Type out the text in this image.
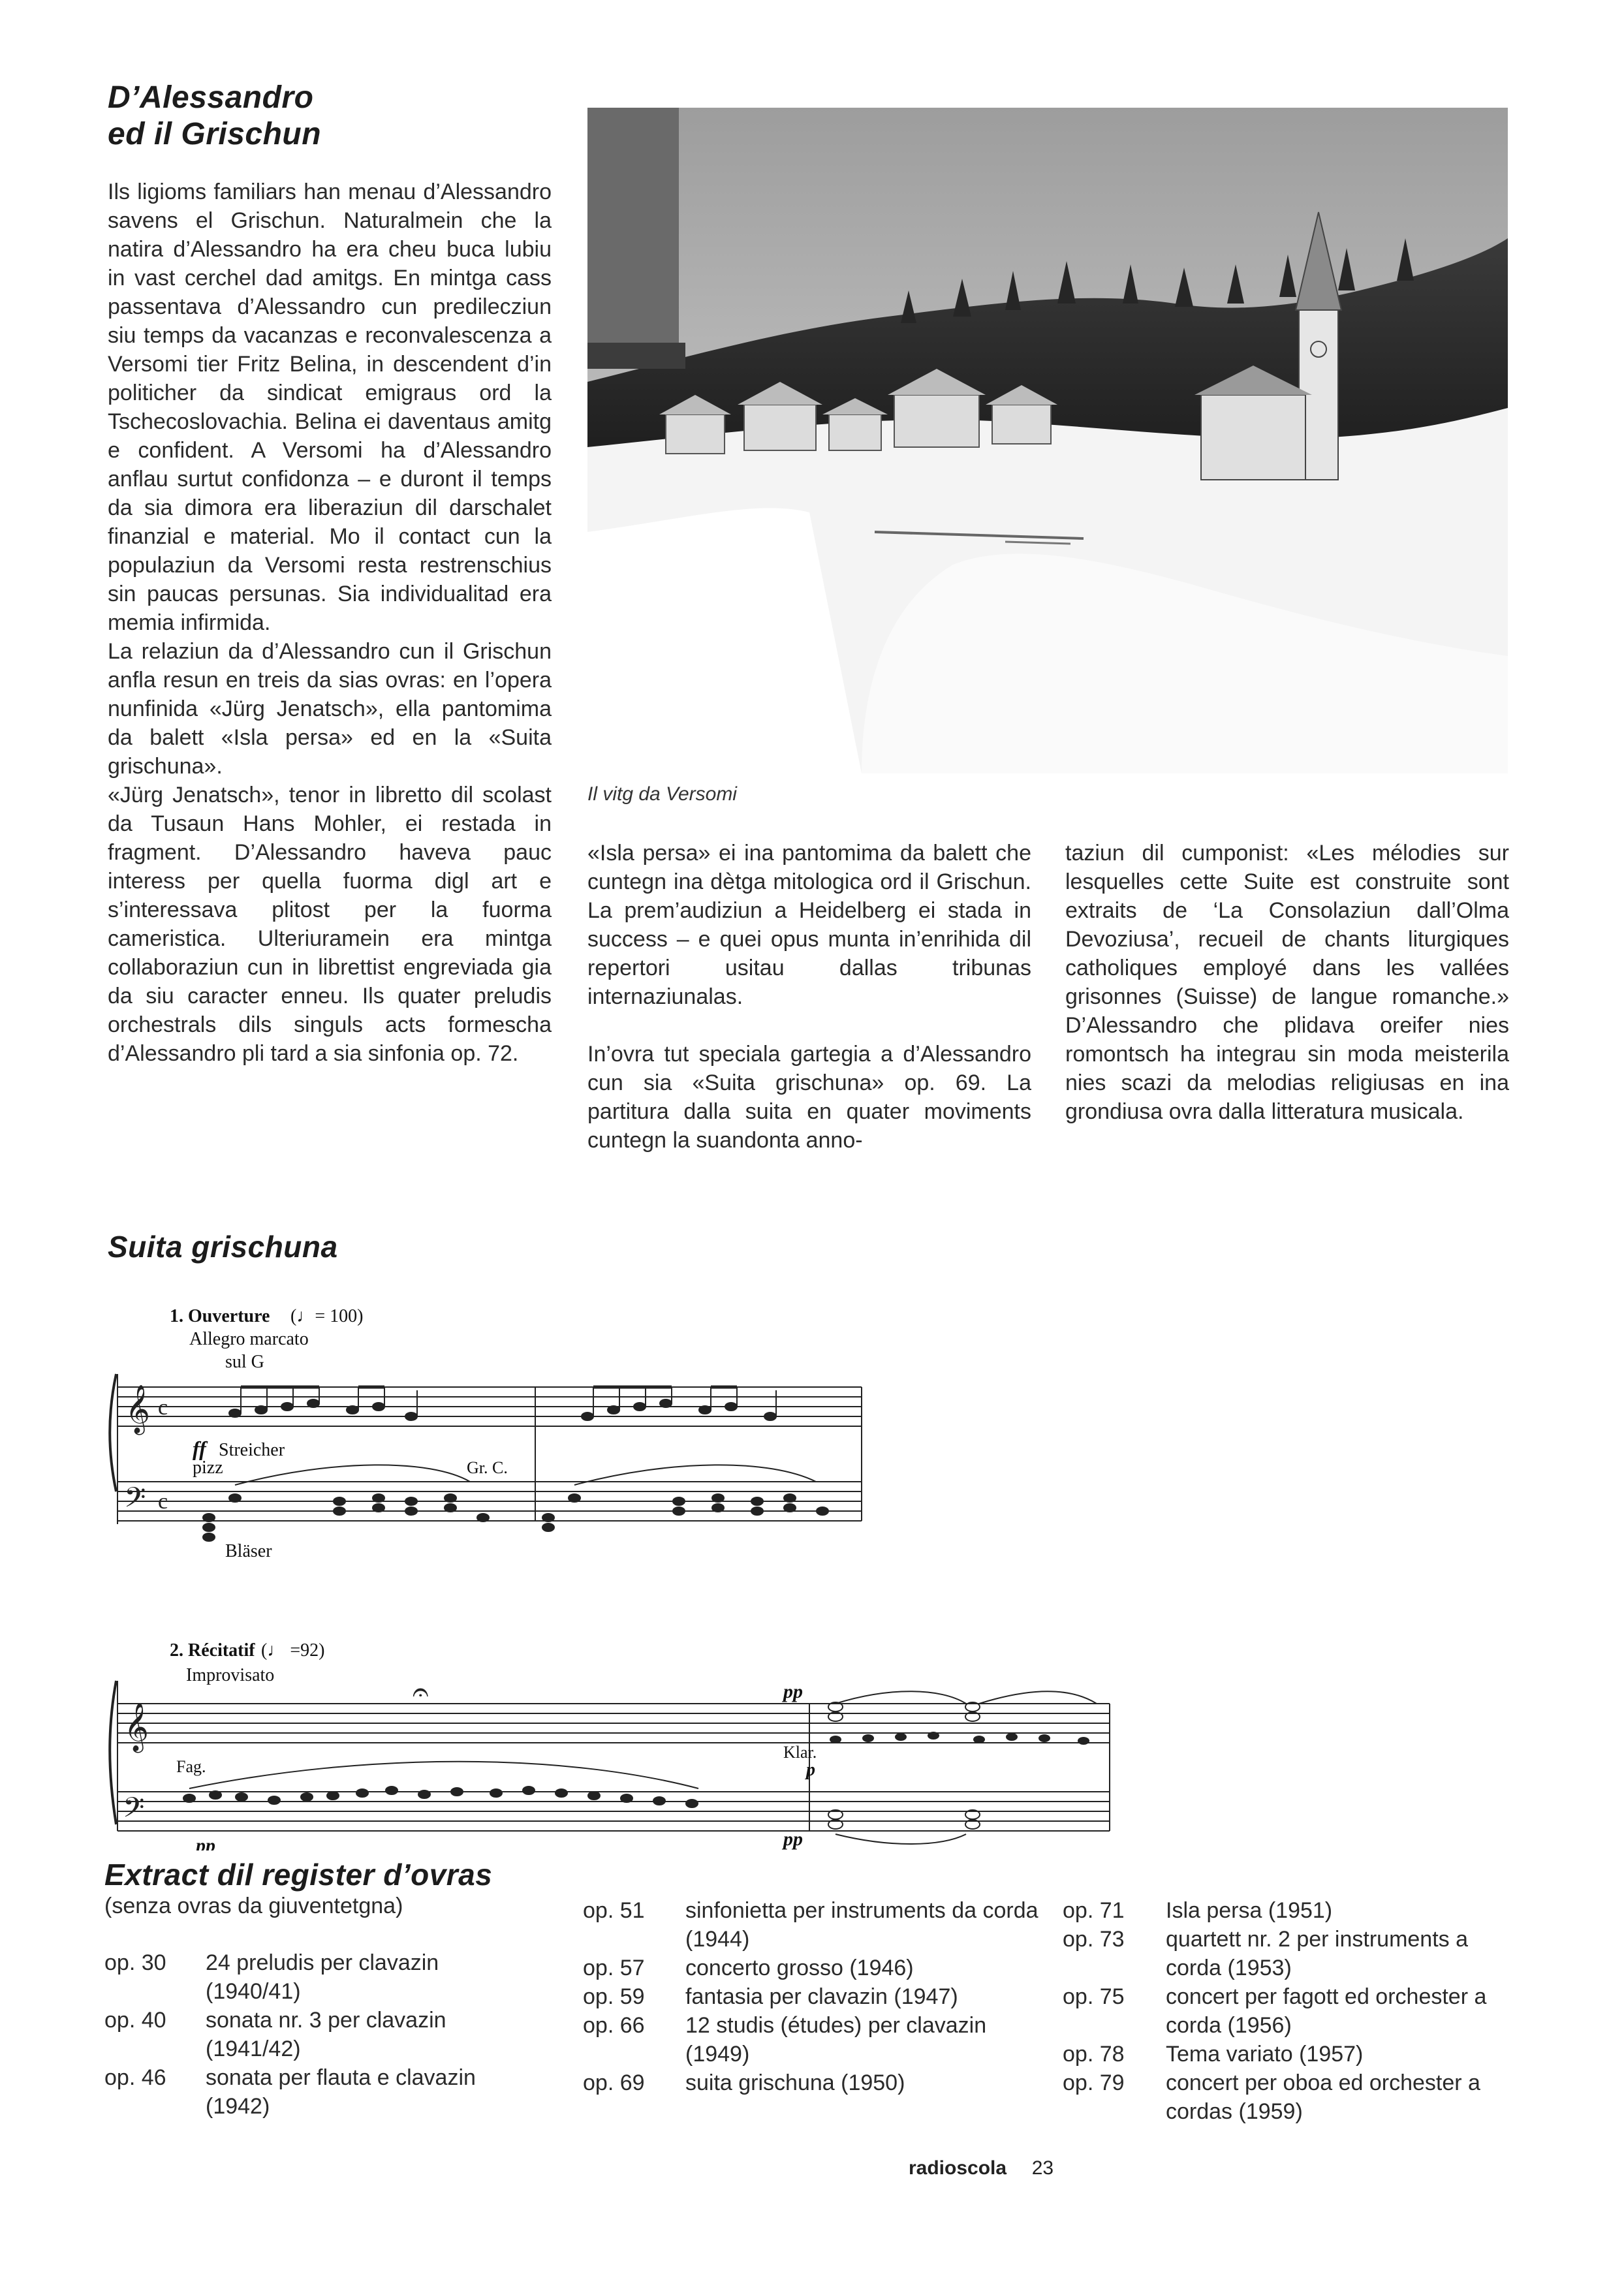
D’Alessandro
ed il Grischun

Ils ligioms familiars han menau d’Alessandro savens el Grischun. Naturalmein che la natira d’Alessandro ha era cheu buca lubiu in vast cerchel dad amitgs. En mintga cass passentava d’Alessandro cun predilecziun siu temps da vacanzas e reconvalescenza a Versomi tier Fritz Belina, in descendent d’in politicher da sindicat emigraus ord la Tschecoslovachia. Belina ei daventaus amitg e confident. A Versomi ha d’Alessandro anflau surtut confidonza – e duront il temps da sia dimora era liberaziun dil darschalet finanzial e material. Mo il contact cun la populaziun da Versomi resta restrenschius sin paucas persunas. Sia individualitad era memia infirmida.

La relaziun da d’Alessandro cun il Grischun anfla resun en treis da sias ovras: en l’opera nunfinida «Jürg Jenatsch», ella pantomima da balett «Isla persa» ed en la «Suita grischuna».

«Jürg Jenatsch», tenor in libretto dil scolast da Tusaun Hans Mohler, ei restada in fragment. D’Alessandro haveva pauc interess per quella fuorma digl art e s’interessava plitost per la fuorma cameristica. Ulteriuramein era mintga collaboraziun cun in librettist engreviada gia da siu caracter enneu. Ils quater preludis orchestrals dils singuls acts formescha d’Alessandro pli tard a sia sinfonia op. 72.

Il vitg da Versomi

«Isla persa» ei ina pantomima da balett che cuntegn ina dètga mitologica ord il Grischun. La prem’audiziun a Heidelberg ei stada in success – e quei opus munta in’enrihida dil repertori usitau dallas tribunas internaziunalas.

In’ovra tut speciala gartegia a d’Alessandro cun sia «Suita grischuna» op. 69. La partitura dalla suita en quater moviments cuntegn la suandonta anno-

taziun dil cumponist: «Les mélodies sur lesquelles cette Suite est construite sont extraits de ‘La Consolaziun dall’Olma Devoziusa’, recueil de chants liturgiques catholiques employé dans les vallées grisonnes (Suisse) de langue romanche.» D’Alessandro che plidava oreifer nies romontsch ha integrau sin moda meisterila nies scazi da melodias religiusas en ina grondiusa ovra dalla litteratura musicala.

Suita grischuna
𝄞
𝄢
c
c
1. Ouverture (♩= 100)
Allegro marcato
sul G
ff Streicher
pizz	Gr. C.
Bläser
𝄞
𝄢
𝄐
2. Récitatif (♩ =92)
Improvisato
Fag.
pp
pp
Klar.
p
pp
Extract dil register d’ovras
(senza ovras da giuventetgna)
op. 30	24 preludis per clavazin (1940/41)
op. 40	sonata nr. 3 per clavazin (1941/42)
op. 46	sonata per flauta e clavazin (1942)
op. 51	sinfonietta per instruments da corda (1944)
op. 57	concerto grosso (1946)
op. 59	fantasia per clavazin (1947)
op. 66	12 studis (études) per clavazin (1949)
op. 69	suita grischuna (1950)
op. 71	Isla persa (1951)
op. 73	quartett nr. 2 per instruments a corda (1953)
op. 75	concert per fagott ed orchester a corda (1956)
op. 78	Tema variato (1957)
op. 79	concert per oboa ed orchester a cordas (1959)
radioscola 23
